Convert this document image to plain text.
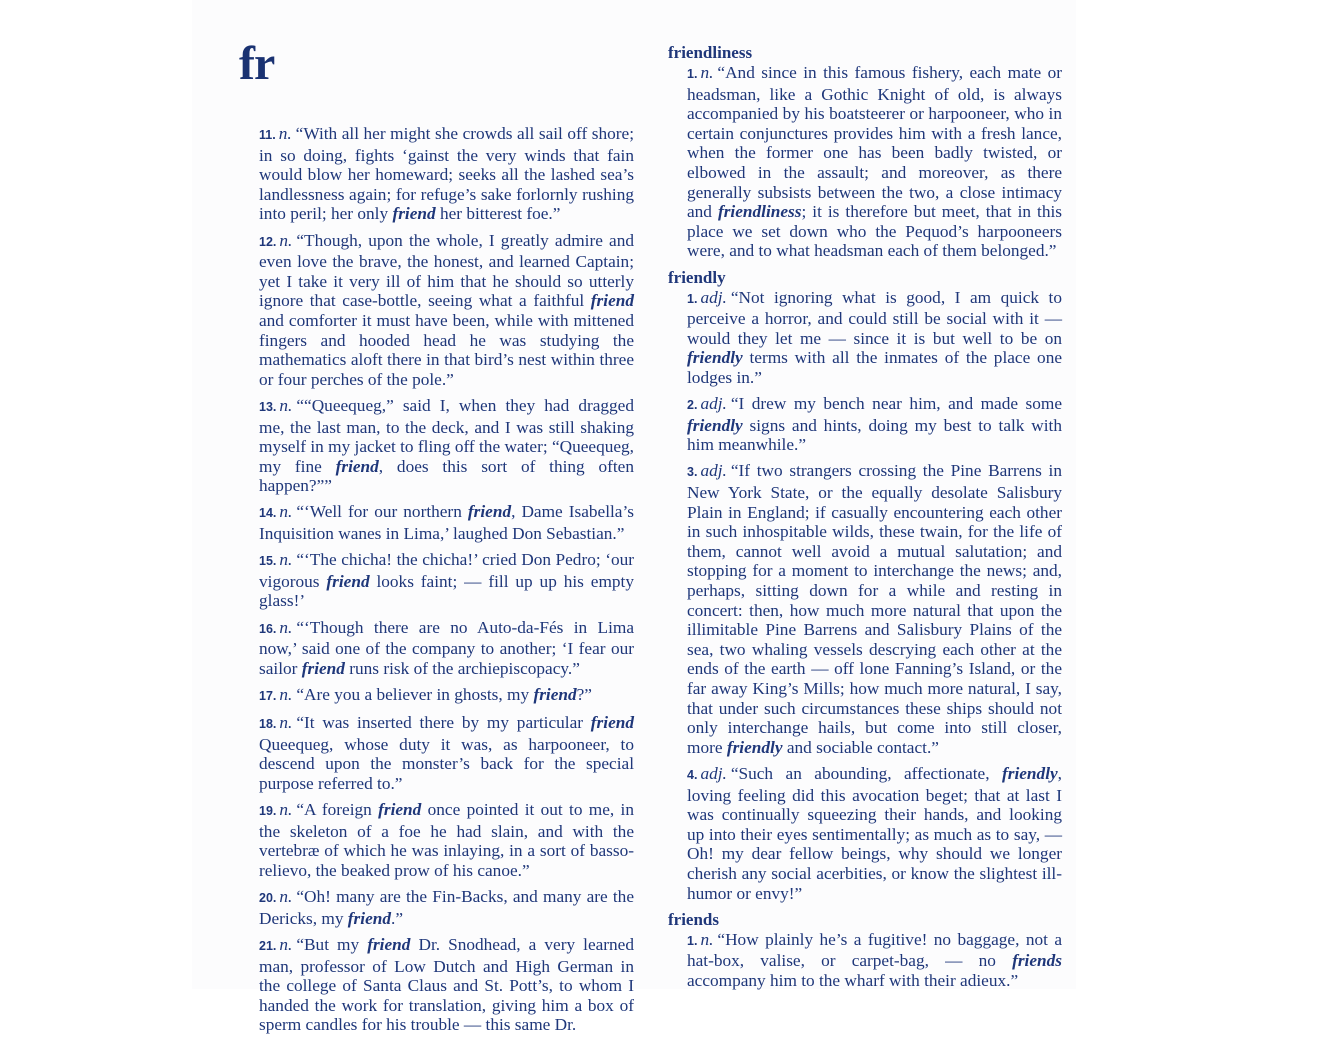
fr

11. n. “With all her might she crowds all sail off shore; in so doing, fights ‘gainst the very winds that fain would blow her homeward; seeks all the lashed sea’s landlessness again; for refuge’s sake forlornly rushing into peril; her only friend her bitterest foe.”

12. n. “Though, upon the whole, I greatly admire and even love the brave, the honest, and learned Captain; yet I take it very ill of him that he should so utterly ignore that case-bottle, seeing what a faithful friend and comforter it must have been, while with mittened fingers and hooded head he was studying the mathematics aloft there in that bird’s nest within three or four perches of the pole.”

13. n. ““Queequeg,” said I, when they had dragged me, the last man, to the deck, and I was still shaking myself in my jacket to fling off the water; “Queequeg, my fine friend, does this sort of thing often happen?””

14. n. “‘Well for our northern friend, Dame Isabella’s Inquisition wanes in Lima,’ laughed Don Sebastian.”

15. n. “‘The chicha! the chicha!’ cried Don Pedro; ‘our vigorous friend looks faint; — fill up up his empty glass!’

16. n. “‘Though there are no Auto-da-Fés in Lima now,’ said one of the company to another; ‘I fear our sailor friend runs risk of the archiepiscopacy.”

17. n. “Are you a believer in ghosts, my friend?”

18. n. “It was inserted there by my particular friend Queequeg, whose duty it was, as harpooneer, to descend upon the monster’s back for the special purpose referred to.”

19. n. “A foreign friend once pointed it out to me, in the skeleton of a foe he had slain, and with the vertebræ of which he was inlaying, in a sort of basso-relievo, the beaked prow of his canoe.”

20. n. “Oh! many are the Fin-Backs, and many are the Dericks, my friend.”

21. n. “But my friend Dr. Snodhead, a very learned man, professor of Low Dutch and High German in the college of Santa Claus and St. Pott’s, to whom I handed the work for translation, giving him a box of sperm candles for his trouble — this same Dr.

friendliness

1. n. “And since in this famous fishery, each mate or headsman, like a Gothic Knight of old, is always accompanied by his boatsteerer or harpooneer, who in certain conjunctures provides him with a fresh lance, when the former one has been badly twisted, or elbowed in the assault; and moreover, as there generally subsists between the two, a close intimacy and friendliness; it is therefore but meet, that in this place we set down who the Pequod’s harpooneers were, and to what headsman each of them belonged.”

friendly

1. adj. “Not ignoring what is good, I am quick to perceive a horror, and could still be social with it — would they let me — since it is but well to be on friendly terms with all the inmates of the place one lodges in.”

2. adj. “I drew my bench near him, and made some friendly signs and hints, doing my best to talk with him meanwhile.”

3. adj. “If two strangers crossing the Pine Barrens in New York State, or the equally desolate Salisbury Plain in England; if casually encountering each other in such inhospitable wilds, these twain, for the life of them, cannot well avoid a mutual salutation; and stopping for a moment to interchange the news; and, perhaps, sitting down for a while and resting in concert: then, how much more natural that upon the illimitable Pine Barrens and Salisbury Plains of the sea, two whaling vessels descrying each other at the ends of the earth — off lone Fanning’s Island, or the far away King’s Mills; how much more natural, I say, that under such circumstances these ships should not only interchange hails, but come into still closer, more friendly and sociable contact.”

4. adj. “Such an abounding, affectionate, friendly, loving feeling did this avocation beget; that at last I was continually squeezing their hands, and looking up into their eyes sentimentally; as much as to say, — Oh! my dear fellow beings, why should we longer cherish any social acerbities, or know the slightest ill-humor or envy!”

friends

1. n. “How plainly he’s a fugitive! no baggage, not a hat-box, valise, or carpet-bag, — no friends accompany him to the wharf with their adieux.”
